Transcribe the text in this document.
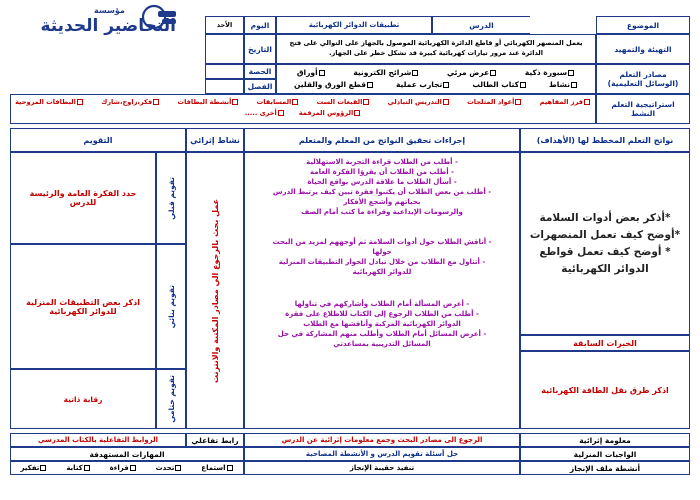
مؤسسة
التحاضير الحديثة	الموضوع
الدرس
تطبيقات الدوائر الكهربائية
اليوم
الأحد
التهيئة والتمهيد
يعمل المنصهر الكهربائي أو قاطع الدائرة الكهربائية الموصول بالجهاز على التوالي على فتح
الدائرة عند مرور تيارات كهربائية كبيرة قد تشكل خطر على الجهاز.
التاريخ
مصادر التعلم
(الوسائل التعليمية)
سبورة ذكية
عرض مرئي
شرائح الكترونية
أوراق
نشاط
كتاب الطالب
تجارب عملية
قطع الورق والقلين
الحصة
الفصل
استراتيجية التعلم
النشط
فرز المفاهيم
أعواد المثلجات
التدريس التبادلي
القبعات الست
المسابقات
أنشطة البطاقات
فكر،زاوج،شارك
البطاقات المروحية
الرؤوس المرقمة
أخرى .....
نواتج التعلم المخطط لها (الأهداف)
إجراءات تحقيق النواتج من المعلم والمتعلم
نشاط إثرائي
التقويم
*أذكر بعض أدوات السلامة
*أوضح كيف تعمل المنصهرات
* أوضح كيف تعمل قواطع
الدوائر الكهربائية
الخبرات السابقة
اذكر طرق نقل الطاقة الكهربائية
- أطلب من الطلاب قراءة التجربة الاستهلالية
- أطلب من الطلاب أن يقرؤا الفكرة العامة
- أسأل الطلاب ما علاقة الدرس بواقع الحياة
- أطلب من بعض الطلاب أن يكتبوا فقرة تبين كيف يرتبط الدرس
بحياتهم وأشجع الأفكار
والرسومات الإبداعية وقراءة ما كتب أمام الصف
- أناقش الطلاب حول أدوات السلامة ثم أوجههم لمزيد من البحث
حولها
- أتناول مع الطلاب من خلال تبادل الحوار التطبيقات المنزلية
للدوائر الكهربائية
- أعرض المسألة أمام الطلاب وأشاركهم في تناولها
- أطلب من الطلاب الرجوع إلى الكتاب للاطلاع على فقرة
الدوائر الكهربائية المركبة وأناقشها مع الطلاب
- أعرض المسائل أمام الطلاب وأطلب منهم المشاركة في حل
المسائل التدريبية بمساعدتي
عمل بحث بالرجوع الي مصادر المكتبة والانترنت
تقويم قبلي
حدد الفكرة العامة والرئيسة للدرس
تقويم بنائي
اذكر بعض التطبيقات المنزلية للدوائر الكهربائية
تقويم ختامي
رقابة ذاتية
معلومة إثرائية
الرجوع الى مصادر البحث وجمع معلومات إثرائية عن الدرس
رابط تفاعلي
الروابط التفاعلية بالكتاب المدرسي
الواجبات المنزلية
حل أسئلة تقويم الدرس و الأنشطة المصاحبة
المهارات المستهدفة
أنشطة ملف الإنجاز
تنفيذ حقيبة الإنجاز
استماع
تحدث
قراءة
كتابة
تفكير
